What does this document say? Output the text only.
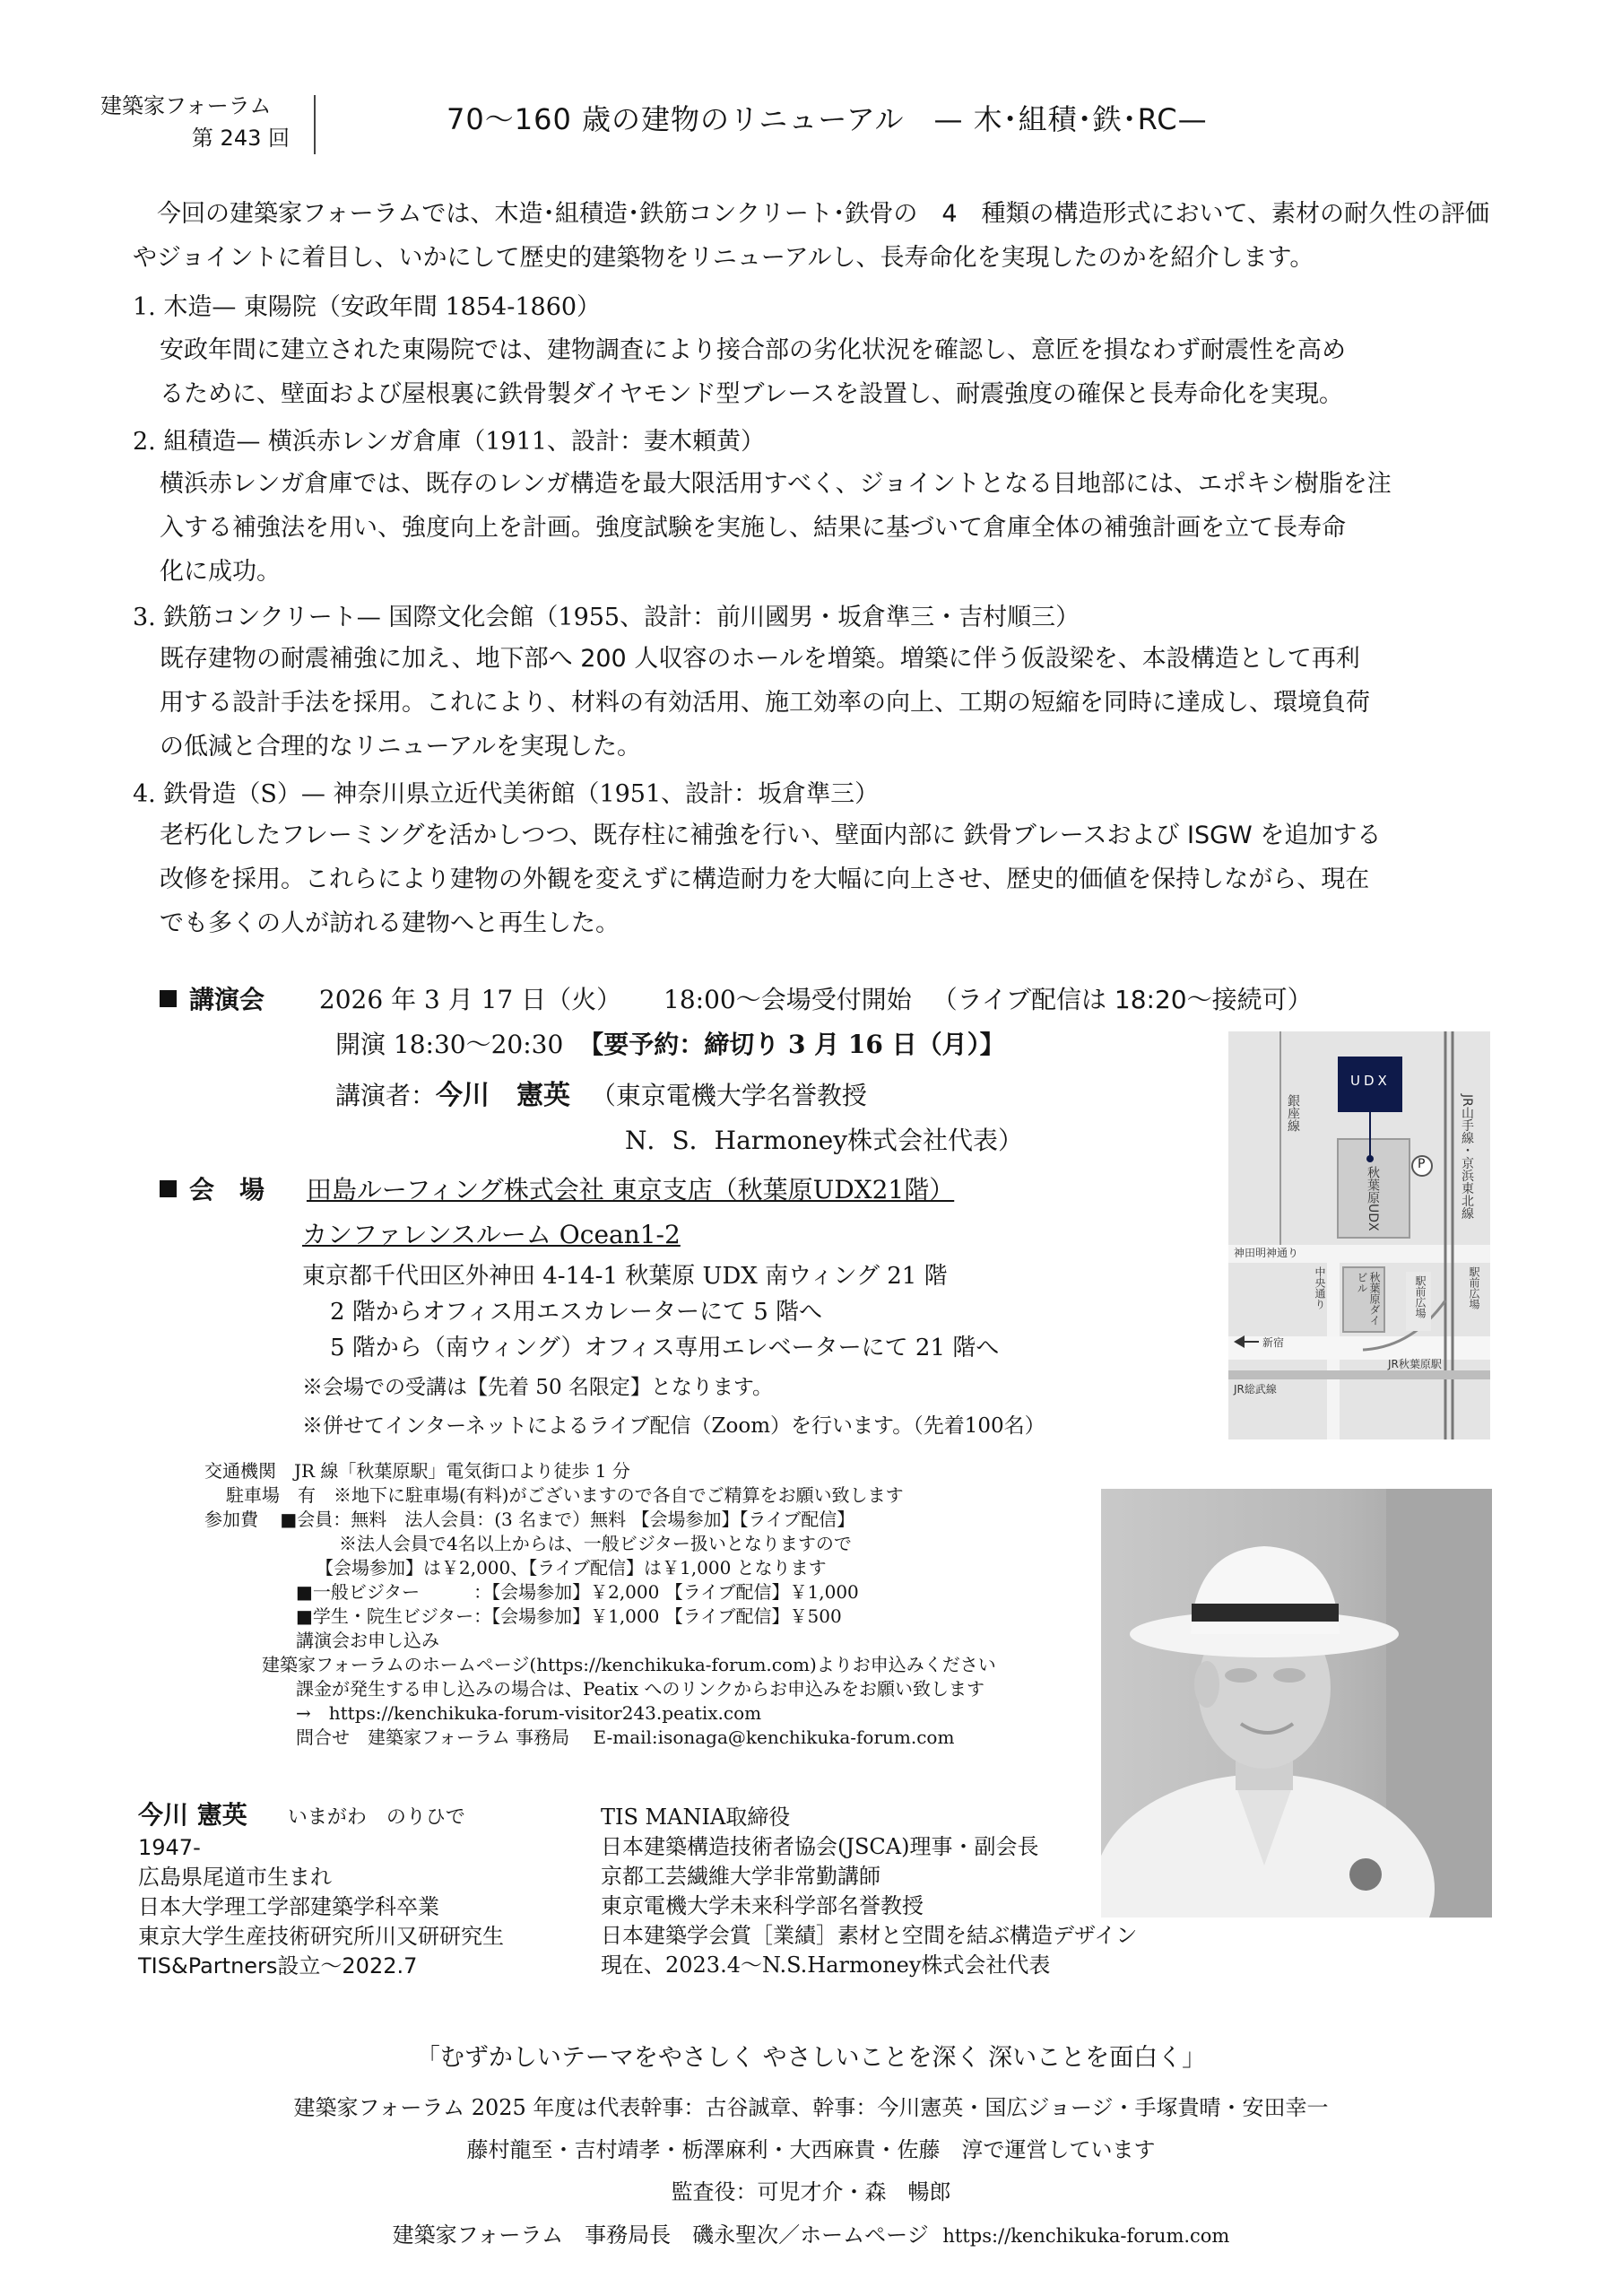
建築家フォーラム
第 243 回
70～160 歳の建物のリニューアル　— 木･組積･鉄･RC—
今回の建築家フォーラムでは、木造･組積造･鉄筋コンクリート･鉄骨の　4　種類の構造形式において、素材の耐久性の評価やジョイントに着目し、いかにして歴史的建築物をリニューアルし、長寿命化を実現したのかを紹介します。
1. 木造— 東陽院（安政年間 1854‐1860）
安政年間に建立された東陽院では、建物調査により接合部の劣化状況を確認し、意匠を損なわず耐震性を高め
るために、壁面および屋根裏に鉄骨製ダイヤモンド型ブレースを設置し、耐震強度の確保と長寿命化を実現。
2. 組積造— 横浜赤レンガ倉庫（1911、設計：妻木頼黄）
横浜赤レンガ倉庫では、既存のレンガ構造を最大限活用すべく、ジョイントとなる目地部には、エポキシ樹脂を注
入する補強法を用い、強度向上を計画。強度試験を実施し、結果に基づいて倉庫全体の補強計画を立て長寿命
化に成功。
3. 鉄筋コンクリート— 国際文化会館（1955、設計：前川國男・坂倉準三・吉村順三）
既存建物の耐震補強に加え、地下部へ 200 人収容のホールを増築。増築に伴う仮設梁を、本設構造として再利
用する設計手法を採用。これにより、材料の有効活用、施工効率の向上、工期の短縮を同時に達成し、環境負荷
の低減と合理的なリニューアルを実現した。
4. 鉄骨造（S）— 神奈川県立近代美術館（1951、設計：坂倉準三）
老朽化したフレーミングを活かしつつ、既存柱に補強を行い、壁面内部に 鉄骨ブレースおよび ISGW を追加する
改修を採用。これらにより建物の外観を変えずに構造耐力を大幅に向上させ、歴史的価値を保持しながら、現在
でも多くの人が訪れる建物へと再生した。
講演会 2026 年 3 月 17 日（火） 18:00～会場受付開始 （ライブ配信は 18:20～接続可）
開演 18:30～20:30 【要予約：締切り 3 月 16 日（月）】
講演者：今川　憲英 （東京電機大学名誉教授
N．S．Harmoney株式会社代表）
会　場 田島ルーフィング株式会社 東京支店（秋葉原UDX21階）
カンファレンスルーム Ocean1-2
東京都千代田区外神田 4-14-1 秋葉原 UDX 南ウィング 21 階
2 階からオフィス用エスカレーターにて 5 階へ
5 階から（南ウィング）オフィス専用エレベーターにて 21 階へ
※会場での受講は【先着 50 名限定】となります。
※併せてインターネットによるライブ配信（Zoom）を行います。（先着100名）
UDX
銀座線	JR山手線・京浜東北線
P
秋葉原UDX
神田明神通り
中央通り	秋葉原ダイビル	駅前広場	駅前広場
新宿
JR秋葉原駅
JR総武線
交通機関　JR 線「秋葉原駅」電気街口より徒歩 1 分
駐車場　有　※地下に駐車場(有料)がございますので各自でご精算をお願い致します
参加費 ■会員：無料　法人会員：(3 名まで）無料 【会場参加】【ライブ配信】
※法人会員で4名以上からは、一般ビジター扱いとなりますので
【会場参加】は￥2,000、【ライブ配信】は￥1,000 となります
■一般ビジター　　　：【会場参加】￥2,000 【ライブ配信】￥1,000
■学生・院生ビジター：【会場参加】￥1,000 【ライブ配信】￥500
講演会お申し込み
建築家フォーラムのホームページ(https://kenchikuka-forum.com)よりお申込みください
課金が発生する申し込みの場合は、Peatix へのリンクからお申込みをお願い致します
→　https://kenchikuka-forum-visitor243.peatix.com
問合せ　建築家フォーラム 事務局　 E-mail:isonaga@kenchikuka-forum.com
今川 憲英 いまがわ　のりひで
1947‐
広島県尾道市生まれ
日本大学理工学部建築学科卒業
東京大学生産技術研究所川又研研究生
TIS&Partners設立～2022.7
TIS MANIA取締役
日本建築構造技術者協会(JSCA)理事・副会長
京都工芸繊維大学非常勤講師
東京電機大学未来科学部名誉教授
日本建築学会賞［業績］素材と空間を結ぶ構造デザイン
現在、2023.4～N.S.Harmoney株式会社代表
「むずかしいテーマをやさしく やさしいことを深く 深いことを面白く」
建築家フォーラム 2025 年度は代表幹事：古谷誠章、幹事：今川憲英・国広ジョージ・手塚貴晴・安田幸一
藤村龍至・吉村靖孝・栃澤麻利・大西麻貴・佐藤　淳で運営しています
監査役：可児才介・森　暢郎
建築家フォーラム　事務局長　磯永聖次／ホームページ https://kenchikuka-forum.com
